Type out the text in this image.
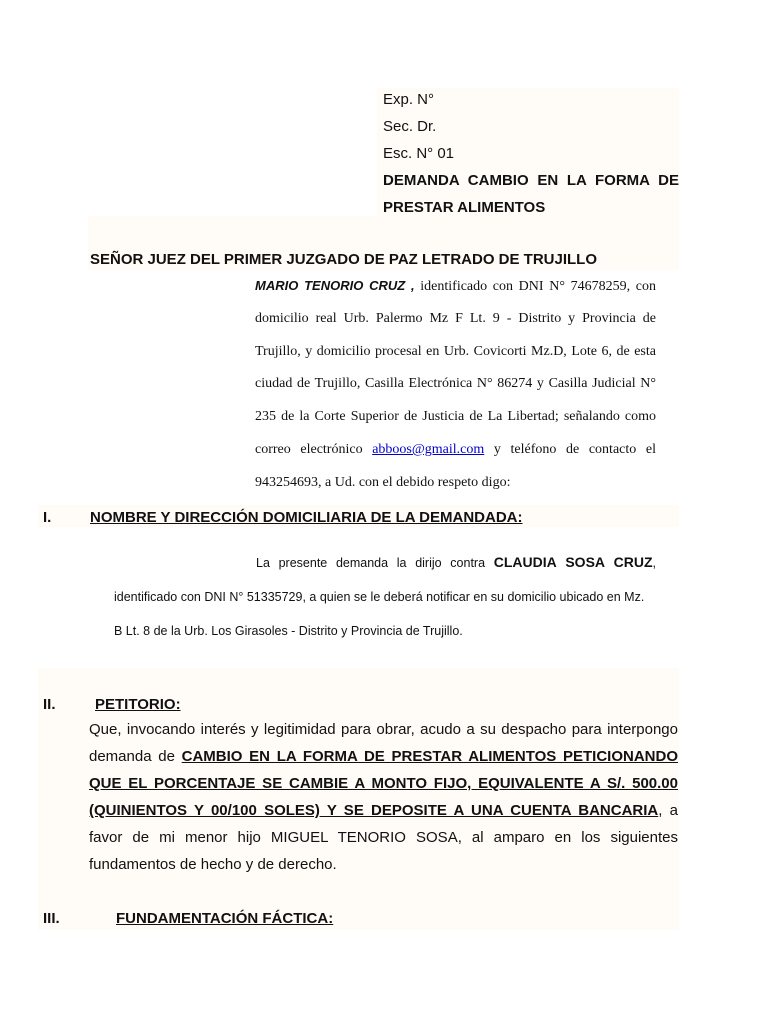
Exp. N°
Sec. Dr.
Esc. N° 01
DEMANDA CAMBIO EN LA FORMA DE
PRESTAR ALIMENTOS
SEÑOR JUEZ DEL PRIMER JUZGADO DE PAZ LETRADO DE TRUJILLO
MARIO TENORIO CRUZ , identificado con DNI N° 74678259, con
domicilio real Urb. Palermo Mz F Lt. 9 - Distrito y Provincia de
Trujillo, y domicilio procesal en Urb. Covicorti Mz.D, Lote 6, de esta
ciudad de Trujillo, Casilla Electrónica N° 86274 y Casilla Judicial N°
235 de la Corte Superior de Justicia de La Libertad; señalando como
correo electrónico abboos@gmail.com y teléfono de contacto el
943254693, a Ud. con el debido respeto digo:
I.	NOMBRE Y DIRECCIÓN DOMICILIARIA DE LA DEMANDADA:
La presente demanda la dirijo contra CLAUDIA SOSA CRUZ,
identificado con DNI N° 51335729, a quien se le deberá notificar en su domicilio ubicado en Mz.
B Lt. 8 de la Urb. Los Girasoles - Distrito y Provincia de Trujillo.
II.	PETITORIO:
Que, invocando interés y legitimidad para obrar, acudo a su despacho para interpongo
demanda de CAMBIO EN LA FORMA DE PRESTAR ALIMENTOS PETICIONANDO
QUE EL PORCENTAJE SE CAMBIE A MONTO FIJO, EQUIVALENTE A S/. 500.00
(QUINIENTOS Y 00/100 SOLES) Y SE DEPOSITE A UNA CUENTA BANCARIA, a
favor de mi menor hijo MIGUEL TENORIO SOSA, al amparo en los siguientes
fundamentos de hecho y de derecho.
III.	FUNDAMENTACIÓN FÁCTICA:
